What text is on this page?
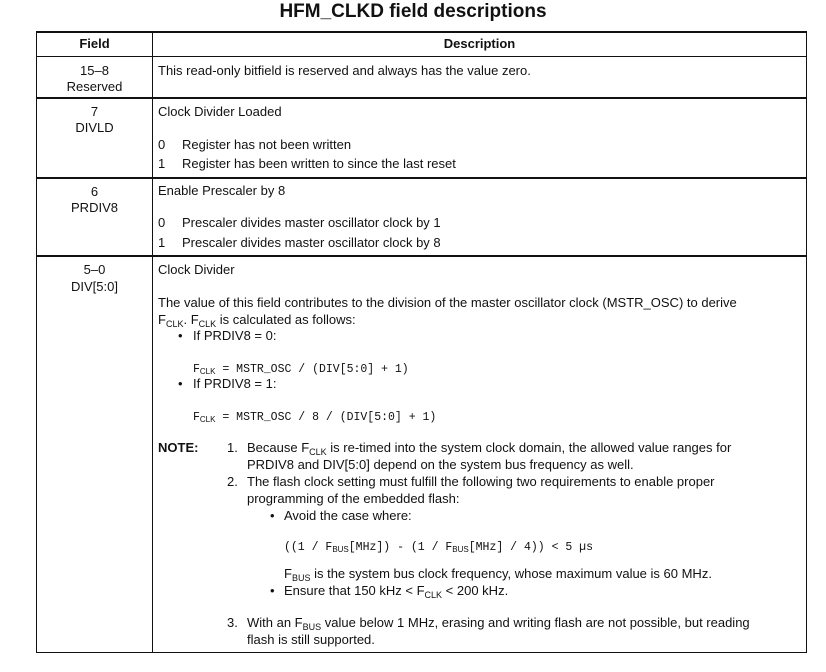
HFM_CLKD field descriptions
Field	Description
15–8
Reserved
This read-only bitfield is reserved and always has the value zero.
7
DIVLD
Clock Divider Loaded
0 Register has not been written
1 Register has been written to since the last reset
6
PRDIV8
Enable Prescaler by 8
0 Prescaler divides master oscillator clock by 1
1 Prescaler divides master oscillator clock by 8
5–0
DIV[5:0]
Clock Divider
The value of this field contributes to the division of the master oscillator clock (MSTR_OSC) to derive
$F_{CLK}$. $F_{CLK}$ is calculated as follows:
• If PRDIV8 = 0:
FCLK = MSTR_OSC / (DIV[5:0] + 1)
• If PRDIV8 = 1:
FCLK = MSTR_OSC / 8 / (DIV[5:0] + 1)
NOTE: 1. Because $F_{CLK}$ is re-timed into the system clock domain, the allowed value ranges for
PRDIV8 and DIV[5:0] depend on the system bus frequency as well.
2. The flash clock setting must fulfill the following two requirements to enable proper
programming of the embedded flash:
• Avoid the case where:
((1 / FBUS[MHz]) - (1 / FBUS[MHz] / 4)) < 5 µs
$F_{BUS}$ is the system bus clock frequency, whose maximum value is 60 MHz.
• Ensure that 150 kHz < $F_{CLK} < 200$ kHz.
3. With an $F_{BUS}$ value below 1 MHz, erasing and writing flash are not possible, but reading
flash is still supported.
